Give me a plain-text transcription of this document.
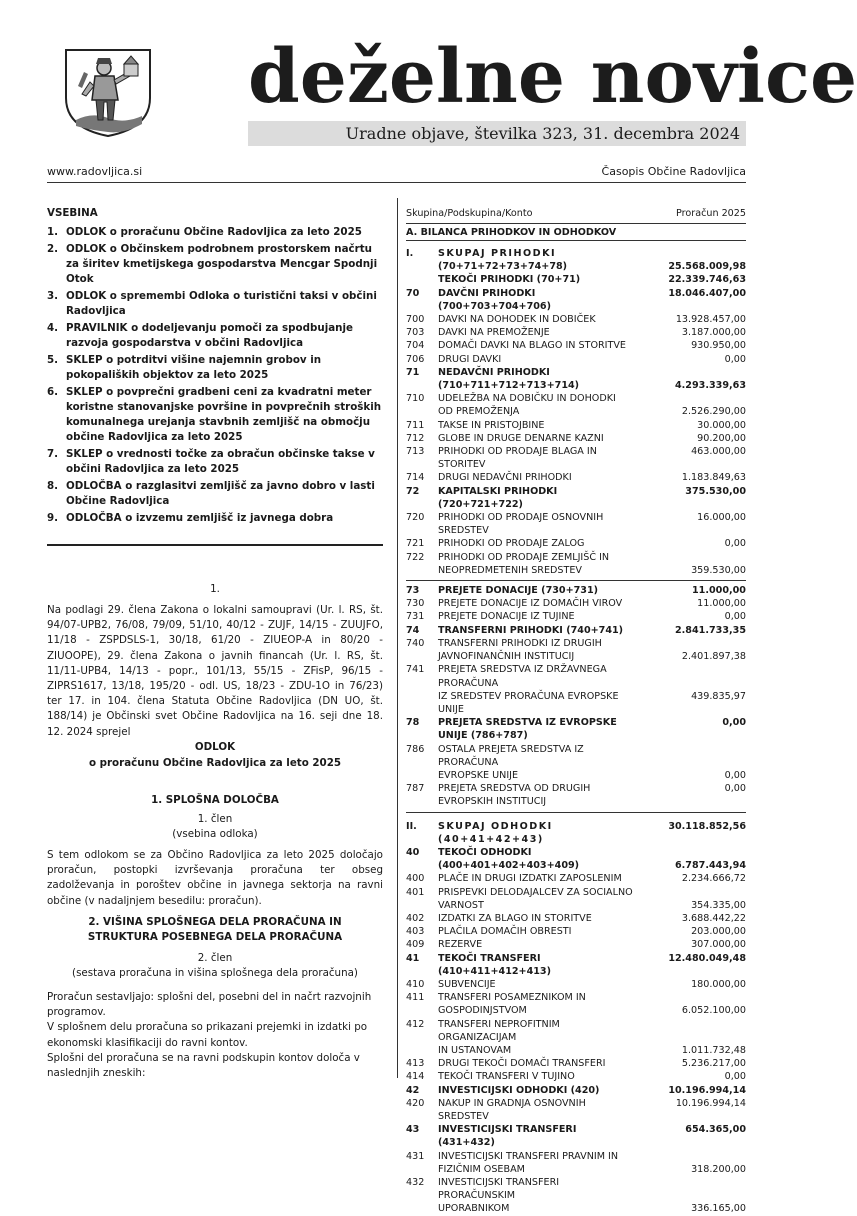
deželne novice
Uradne objave, številka 323, 31. decembra 2024
www.radovljica.si	Časopis Občine Radovljica
VSEBINA
1. ODLOK o proračunu Občine Radovljica za leto 2025
2. ODLOK o Občinskem podrobnem prostorskem načrtu za širitev kmetijskega gospodarstva Mencgar Spodnji Otok
3. ODLOK o spremembi Odloka o turistični taksi v občini Radovljica
4. PRAVILNIK o dodeljevanju pomoči za spodbujanje razvoja gospodarstva v občini Radovljica
5. SKLEP o potrditvi višine najemnin grobov in pokopaliških objektov za leto 2025
6. SKLEP o povprečni gradbeni ceni za kvadratni meter koristne stanovanjske površine in povprečnih stroških komunalnega urejanja stavbnih zemljišč na območju občine Radovljica za leto 2025
7. SKLEP o vrednosti točke za obračun občinske takse v občini Radovljica za leto 2025
8. ODLOČBA o razglasitvi zemljišč za javno dobro v lasti Občine Radovljica
9. ODLOČBA o izvzemu zemljišč iz javnega dobra
1.
Na podlagi 29. člena Zakona o lokalni samoupravi (Ur. l. RS, št. 94/07-UPB2, 76/08, 79/09, 51/10, 40/12 - ZUJF, 14/15 - ZUUJFO, 11/18 - ZSPDSLS-1, 30/18, 61/20 - ZIUEOP-A in 80/20 - ZIUOOPE), 29. člena Zakona o javnih financah (Ur. l. RS, št. 11/11-UPB4, 14/13 - popr., 101/13, 55/15 - ZFisP, 96/15 - ZIPRS1617, 13/18, 195/20 - odl. US, 18/23 - ZDU-1O in 76/23) ter 17. in 104. člena Statuta Občine Radovljica (DN UO, št. 188/14) je Občinski svet Občine Radovljica na 16. seji dne 18. 12. 2024 sprejel
ODLOK
o proračunu Občine Radovljica za leto 2025
1. SPLOŠNA DOLOČBA
1. člen
(vsebina odloka)
S tem odlokom se za Občino Radovljica za leto 2025 določajo proračun, postopki izvrševanja proračuna ter obseg zadolževanja in poroštev občine in javnega sektorja na ravni občine (v nadaljnjem besedilu: proračun).
2. VIŠINA SPLOŠNEGA DELA PRORAČUNA IN STRUKTURA POSEBNEGA DELA PRORAČUNA
2. člen
(sestava proračuna in višina splošnega dela proračuna)
Proračun sestavljajo: splošni del, posebni del in načrt razvojnih programov.
V splošnem delu proračuna so prikazani prejemki in izdatki po ekonomski klasifikaciji do ravni kontov.
Splošni del proračuna se na ravni podskupin kontov določa v naslednjih zneskih:
Skupina/Podskupina/Konto	Proračun 2025
A. BILANCA PRIHODKOV IN ODHODKOV
I.	SKUPAJ PRIHODKI
(70+71+72+73+74+78)	25.568.009,98
TEKOČI PRIHODKI (70+71)	22.339.746,63
70	DAVČNI PRIHODKI (700+703+704+706)
18.046.407,00
700	DAVKI NA DOHODEK IN DOBIČEK	13.928.457,00
703	DAVKI NA PREMOŽENJE	3.187.000,00
704	DOMAČI DAVKI NA BLAGO IN STORITVE	930.950,00
706	DRUGI DAVKI	0,00
71	NEDAVČNI PRIHODKI
(710+711+712+713+714)	4.293.339,63
710	UDELEŽBA NA DOBIČKU IN DOHODKI
OD PREMOŽENJA	2.526.290,00
711	TAKSE IN PRISTOJBINE	30.000,00
712	GLOBE IN DRUGE DENARNE KAZNI	90.200,00
713	PRIHODKI OD PRODAJE BLAGA IN STORITEV
463.000,00
714	DRUGI NEDAVČNI PRIHODKI	1.183.849,63
72	KAPITALSKI PRIHODKI (720+721+722)
375.530,00
720	PRIHODKI OD PRODAJE OSNOVNIH SREDSTEV
16.000,00
721	PRIHODKI OD PRODAJE ZALOG	0,00
722	PRIHODKI OD PRODAJE ZEMLJIŠČ IN
NEOPREDMETENIH SREDSTEV	359.530,00
73	PREJETE DONACIJE (730+731)	11.000,00
730	PREJETE DONACIJE IZ DOMAČIH VIROV	11.000,00
731	PREJETE DONACIJE IZ TUJINE	0,00
74	TRANSFERNI PRIHODKI (740+741)	2.841.733,35
740	TRANSFERNI PRIHODKI IZ DRUGIH
JAVNOFINANČNIH INSTITUCIJ	2.401.897,38
741	PREJETA SREDSTVA IZ DRŽAVNEGA PRORAČUNA
IZ SREDSTEV PRORAČUNA EVROPSKE UNIJE
439.835,97
78	PREJETA SREDSTVA IZ EVROPSKE UNIJE (786+787)
0,00
786	OSTALA PREJETA SREDSTVA IZ PRORAČUNA
EVROPSKE UNIJE	0,00
787	PREJETA SREDSTVA OD DRUGIH EVROPSKIH INSTITUCIJ
0,00
II.	SKUPAJ ODHODKI (40+41+42+43)
30.118.852,56
40	TEKOČI ODHODKI
(400+401+402+403+409)	6.787.443,94
400	PLAČE IN DRUGI IZDATKI ZAPOSLENIM	2.234.666,72
401	PRISPEVKI DELODAJALCEV ZA SOCIALNO
VARNOST	354.335,00
402	IZDATKI ZA BLAGO IN STORITVE	3.688.442,22
403	PLAČILA DOMAČIH OBRESTI	203.000,00
409	REZERVE	307.000,00
41	TEKOČI TRANSFERI (410+411+412+413)
12.480.049,48
410	SUBVENCIJE	180.000,00
411	TRANSFERI POSAMEZNIKOM IN
GOSPODINJSTVOM	6.052.100,00
412	TRANSFERI NEPROFITNIM ORGANIZACIJAM
IN USTANOVAM	1.011.732,48
413	DRUGI TEKOČI DOMAČI TRANSFERI	5.236.217,00
414	TEKOČI TRANSFERI V TUJINO	0,00
42	INVESTICIJSKI ODHODKI (420)	10.196.994,14
420	NAKUP IN GRADNJA OSNOVNIH SREDSTEV
10.196.994,14
43	INVESTICIJSKI TRANSFERI (431+432)
654.365,00
431	INVESTICIJSKI TRANSFERI PRAVNIM IN
FIZIČNIM OSEBAM	318.200,00
432	INVESTICIJSKI TRANSFERI PRORAČUNSKIM
UPORABNIKOM	336.165,00
